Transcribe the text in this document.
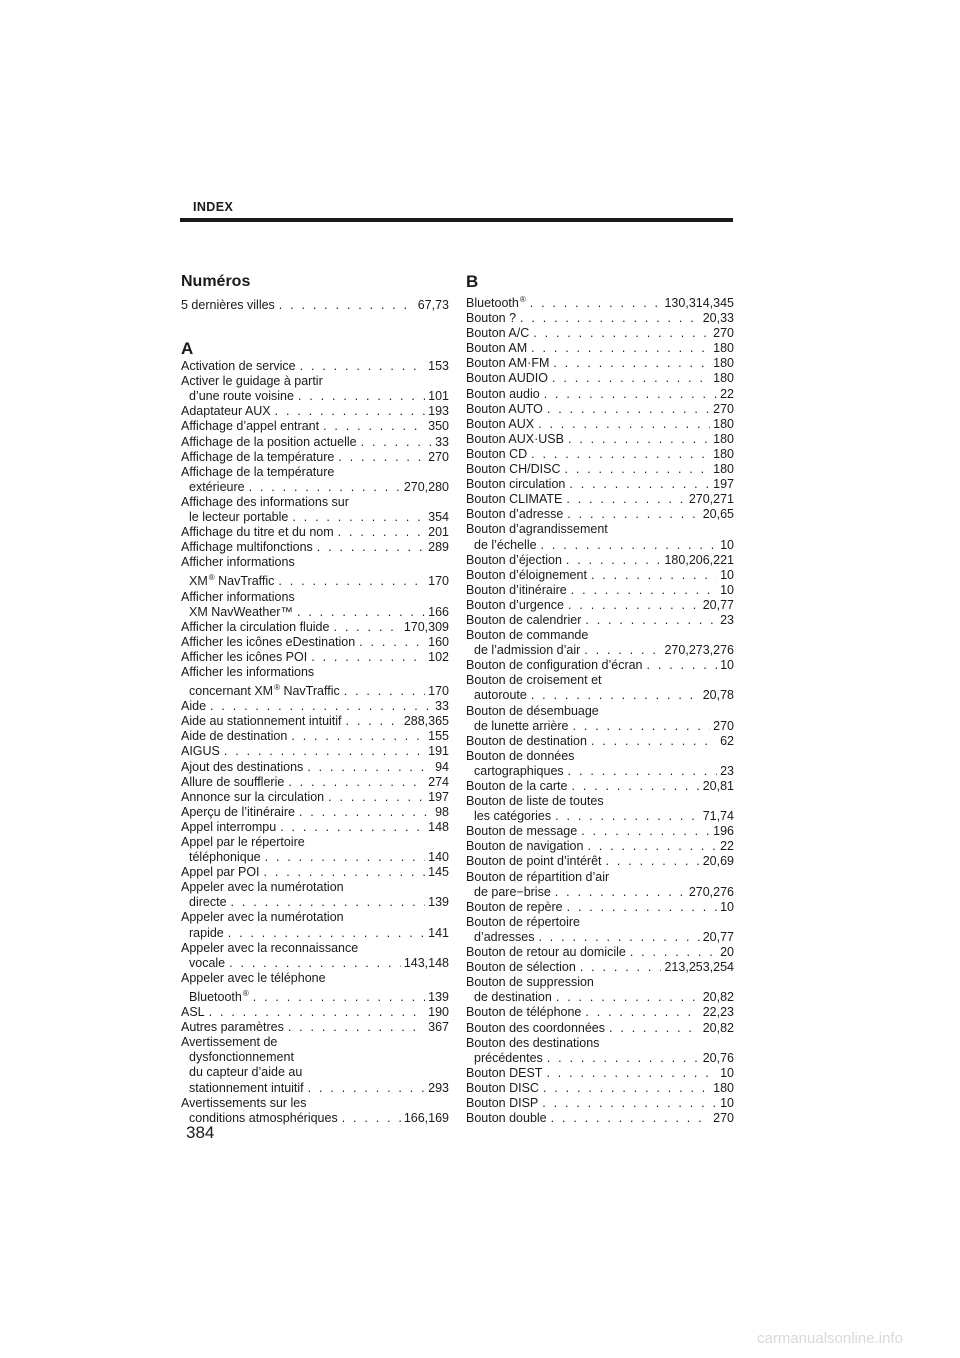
INDEX
Numéros
5 dernières villes . . .	67,73
A
Activation de service . . .	153
Activer le guidage à partir
d’une route voisine . . .	101
Adaptateur AUX . . .	193
Affichage d’appel entrant . . .	350
Affichage de la position actuelle . . .	33
Affichage de la température . . .	270
Affichage de la température
extérieure . . .	270,280
Affichage des informations sur
le lecteur portable . . .	354
Affichage du titre et du nom . . .	201
Affichage multifonctions . . .	289
Afficher informations
XM® NavTraffic . . .	170
Afficher informations
XM NavWeather™ . . .	166
Afficher la circulation fluide . . .	170,309
Afficher les icônes eDestination . . .	160
Afficher les icônes POI . . .	102
Afficher les informations
concernant XM® NavTraffic . . .	170
Aide . . .	33
Aide au stationnement intuitif . . .	288,365
Aide de destination . . .	155
AIGUS . . .	191
Ajout des destinations . . .	94
Allure de soufflerie . . .	274
Annonce sur la circulation . . .	197
Aperçu de l’itinéraire . . .	98
Appel interrompu . . .	148
Appel par le répertoire
téléphonique . . .	140
Appel par POI . . .	145
Appeler avec la numérotation
directe . . .	139
Appeler avec la numérotation
rapide . . .	141
Appeler avec la reconnaissance
vocale . . .	143,148
Appeler avec le téléphone
Bluetooth® . . .	139
ASL . . .	190
Autres paramètres . . .	367
Avertissement de
dysfonctionnement
du capteur d’aide au
stationnement intuitif . . .	293
Avertissements sur les
conditions atmosphériques . . .	166,169
B
Bluetooth® . . .	130,314,345
Bouton ? . . .	20,33
Bouton A/C . . .	270
Bouton AM . . .	180
Bouton AM·FM . . .	180
Bouton AUDIO . . .	180
Bouton audio . . .	22
Bouton AUTO . . .	270
Bouton AUX . . .	180
Bouton AUX·USB . . .	180
Bouton CD . . .	180
Bouton CH/DISC . . .	180
Bouton circulation . . .	197
Bouton CLIMATE . . .	270,271
Bouton d’adresse . . .	20,65
Bouton d’agrandissement
de l’échelle . . .	10
Bouton d’éjection . . .	180,206,221
Bouton d’éloignement . . .	10
Bouton d’itinéraire . . .	10
Bouton d’urgence . . .	20,77
Bouton de calendrier . . .	23
Bouton de commande
de l’admission d’air . . .	270,273,276
Bouton de configuration d’écran . . .	10
Bouton de croisement et
autoroute . . .	20,78
Bouton de désembuage
de lunette arrière . . .	270
Bouton de destination . . .	62
Bouton de données
cartographiques . . .	23
Bouton de la carte . . .	20,81
Bouton de liste de toutes
les catégories . . .	71,74
Bouton de message . . .	196
Bouton de navigation . . .	22
Bouton de point d’intérêt . . .	20,69
Bouton de répartition d’air
de pare−brise . . .	270,276
Bouton de repère . . .	10
Bouton de répertoire
d’adresses . . .	20,77
Bouton de retour au domicile . . .	20
Bouton de sélection . . .	213,253,254
Bouton de suppression
de destination . . .	20,82
Bouton de téléphone . . .	22,23
Bouton des coordonnées . . .	20,82
Bouton des destinations
précédentes . . .	20,76
Bouton DEST . . .	10
Bouton DISC . . .	180
Bouton DISP . . .	10
Bouton double . . .	270
384
carmanualsonline.info
